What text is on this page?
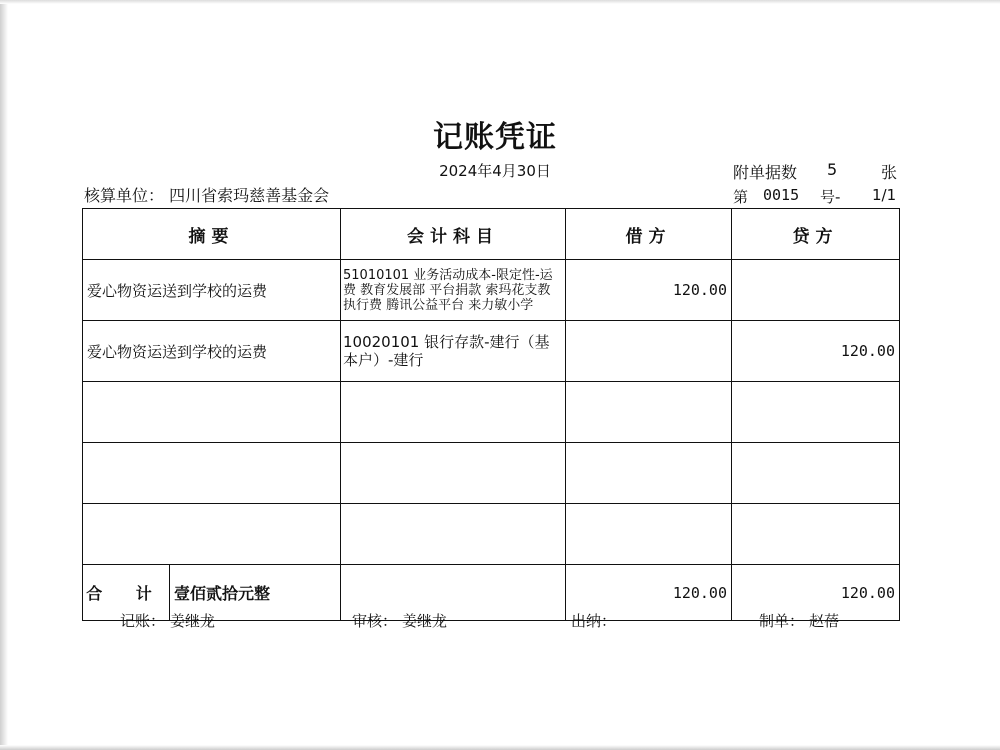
记账凭证
2024年4月30日	附单据数 5	张
核算单位： 四川省索玛慈善基金会	第 0015 号- 1/1
摘要	会计科目	借方	贷方
爱心物资运送到学校的运费	51010101 业务活动成本-限定性-运费 教育发展部 平台捐款 索玛花支教 执行费 腾讯公益平台 来力敏小学	120.00	
爱心物资运送到学校的运费	10020101 银行存款-建行（基本户）-建行		120.00

合 计 壹佰贰拾元整		120.00	120.00
记账： 姜继龙	审核： 姜继龙	出纳：	制单： 赵蓓
